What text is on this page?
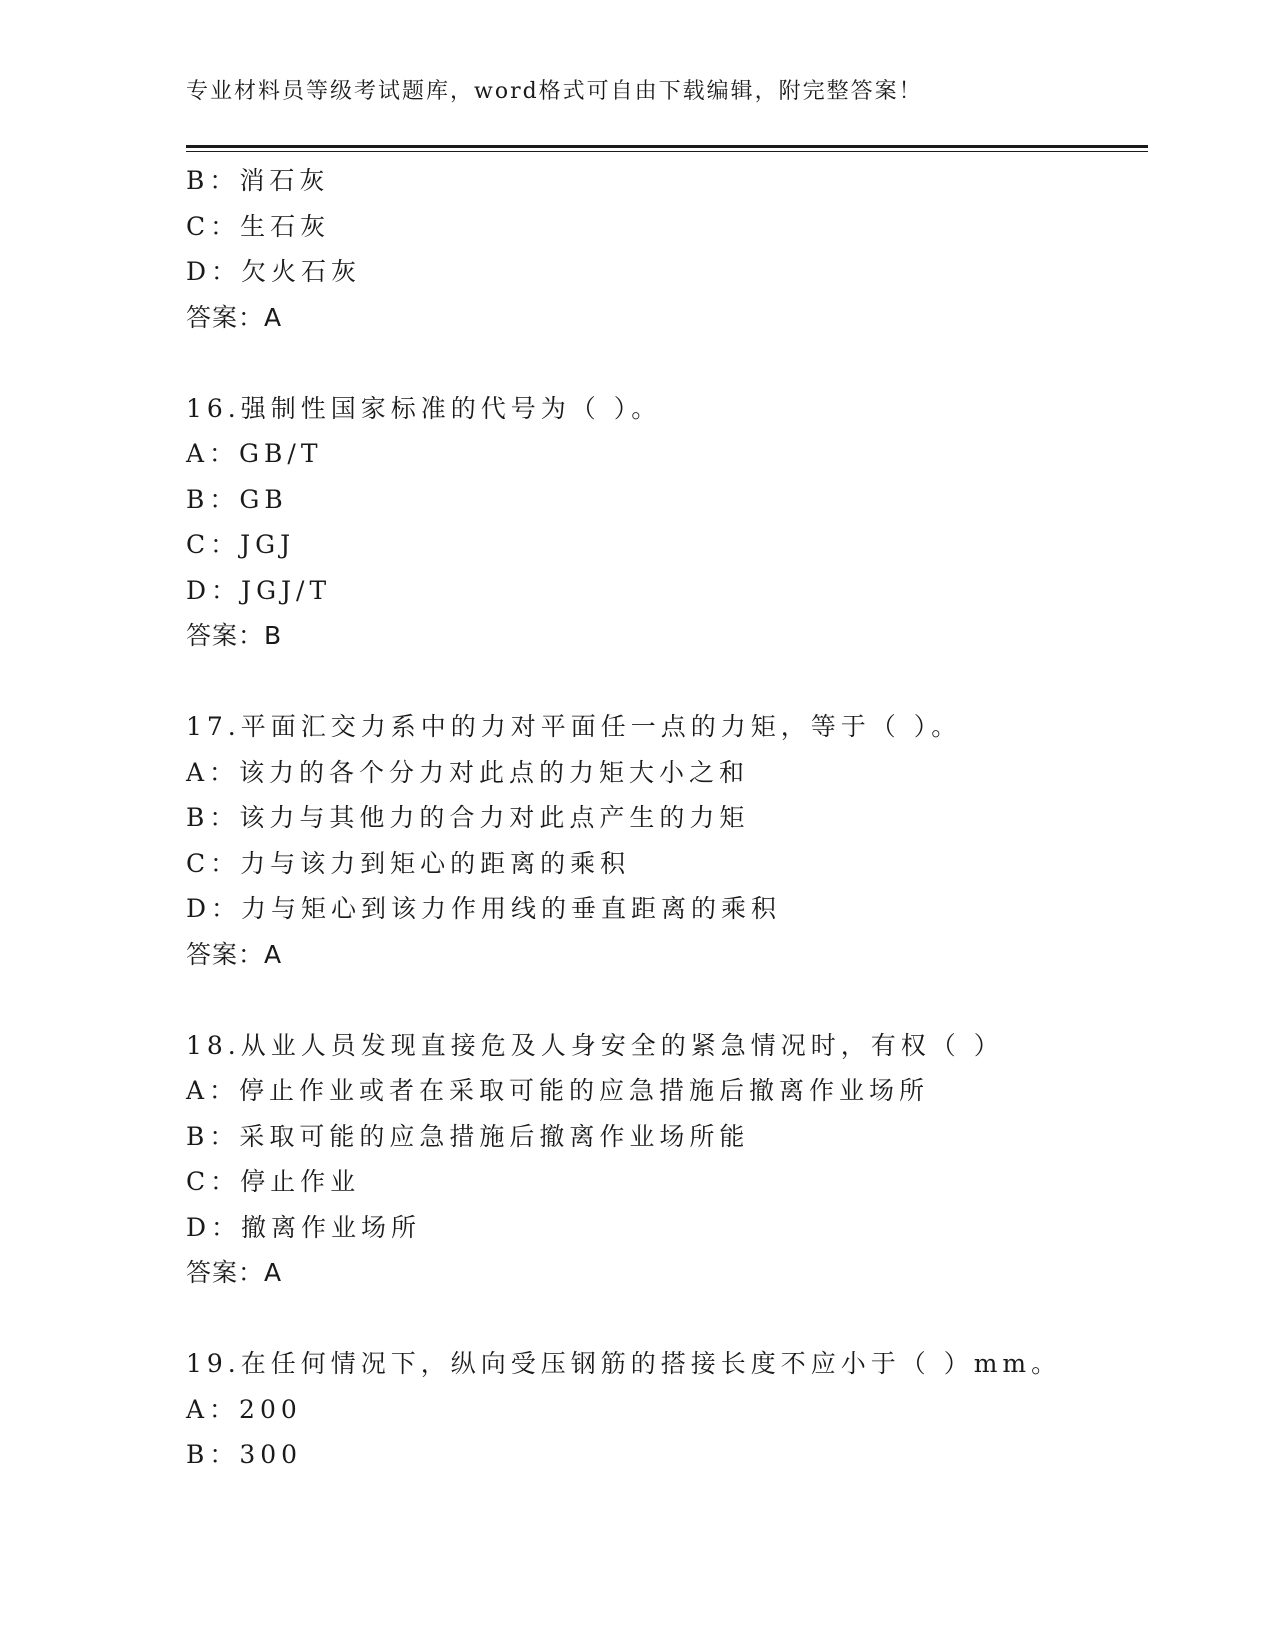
专业材料员等级考试题库，word格式可自由下载编辑，附完整答案！
B：消石灰
C：生石灰
D：欠火石灰
答案：A
16.强制性国家标准的代号为（ ）。
A：GB/T
B：GB
C：JGJ
D：JGJ/T
答案：B
17.平面汇交力系中的力对平面任一点的力矩，等于（ ）。
A：该力的各个分力对此点的力矩大小之和
B：该力与其他力的合力对此点产生的力矩
C：力与该力到矩心的距离的乘积
D：力与矩心到该力作用线的垂直距离的乘积
答案：A
18.从业人员发现直接危及人身安全的紧急情况时，有权（ ）
A：停止作业或者在采取可能的应急措施后撤离作业场所
B：采取可能的应急措施后撤离作业场所能
C：停止作业
D：撤离作业场所
答案：A
19.在任何情况下，纵向受压钢筋的搭接长度不应小于（ ）mm。
A：200
B：300
